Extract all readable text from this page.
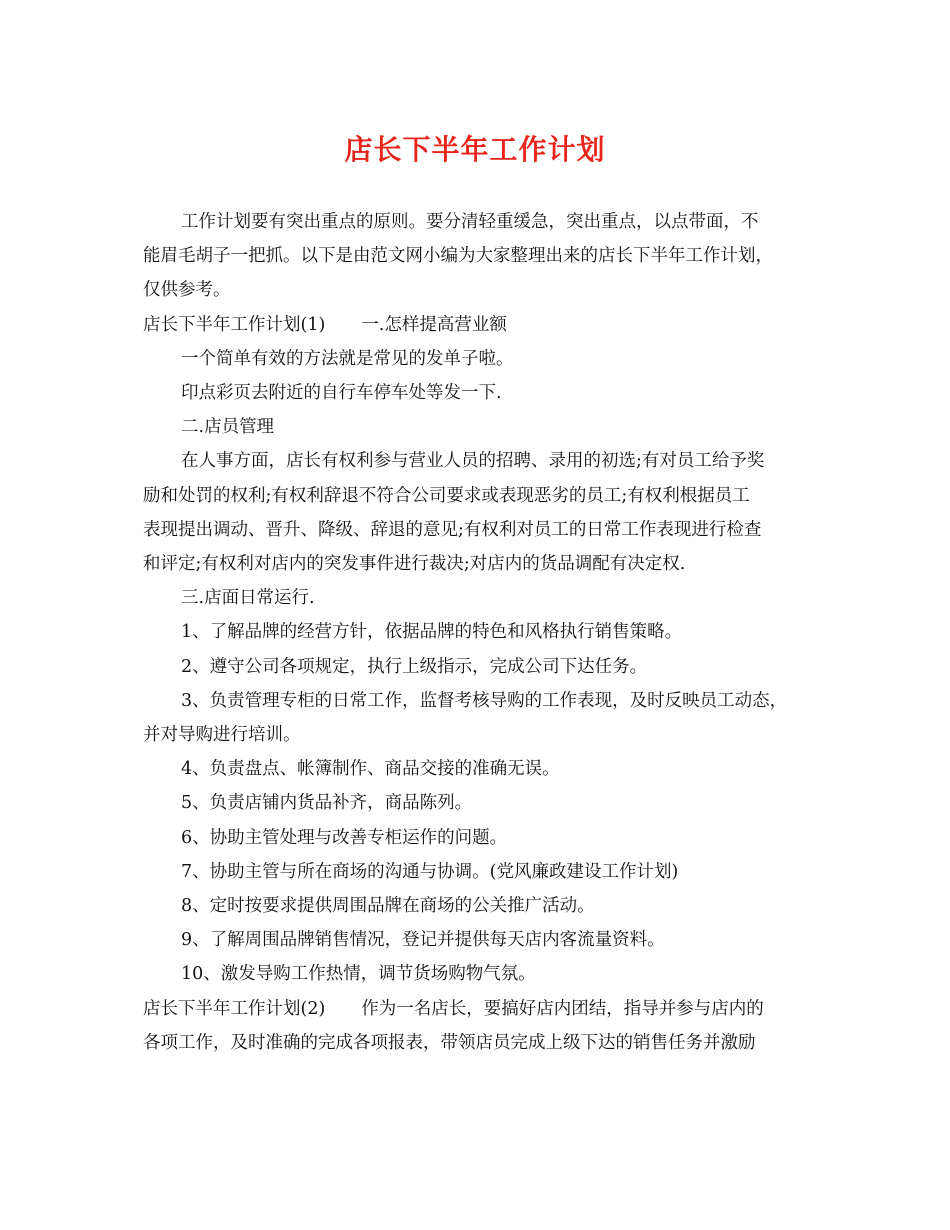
店长下半年工作计划

工作计划要有突出重点的原则。要分清轻重缓急，突出重点，以点带面，不

能眉毛胡子一把抓。以下是由范文网小编为大家整理出来的店长下半年工作计划，

仅供参考。

店长下半年工作计划(1) 一.怎样提高营业额

一个简单有效的方法就是常见的发单子啦。

印点彩页去附近的自行车停车处等发一下.

二.店员管理

在人事方面，店长有权利参与营业人员的招聘、录用的初选;有对员工给予奖

励和处罚的权利;有权利辞退不符合公司要求或表现恶劣的员工;有权利根据员工

表现提出调动、晋升、降级、辞退的意见;有权利对员工的日常工作表现进行检查

和评定;有权利对店内的突发事件进行裁决;对店内的货品调配有决定权.

三.店面日常运行.

1、了解品牌的经营方针，依据品牌的特色和风格执行销售策略。

2、遵守公司各项规定，执行上级指示，完成公司下达任务。

3、负责管理专柜的日常工作，监督考核导购的工作表现，及时反映员工动态，

并对导购进行培训。

4、负责盘点、帐簿制作、商品交接的准确无误。

5、负责店铺内货品补齐，商品陈列。

6、协助主管处理与改善专柜运作的问题。

7、协助主管与所在商场的沟通与协调。(党风廉政建设工作计划)

8、定时按要求提供周围品牌在商场的公关推广活动。

9、了解周围品牌销售情况，登记并提供每天店内客流量资料。

10、激发导购工作热情，调节货场购物气氛。

店长下半年工作计划(2) 作为一名店长，要搞好店内团结，指导并参与店内的

各项工作，及时准确的完成各项报表，带领店员完成上级下达的销售任务并激励
